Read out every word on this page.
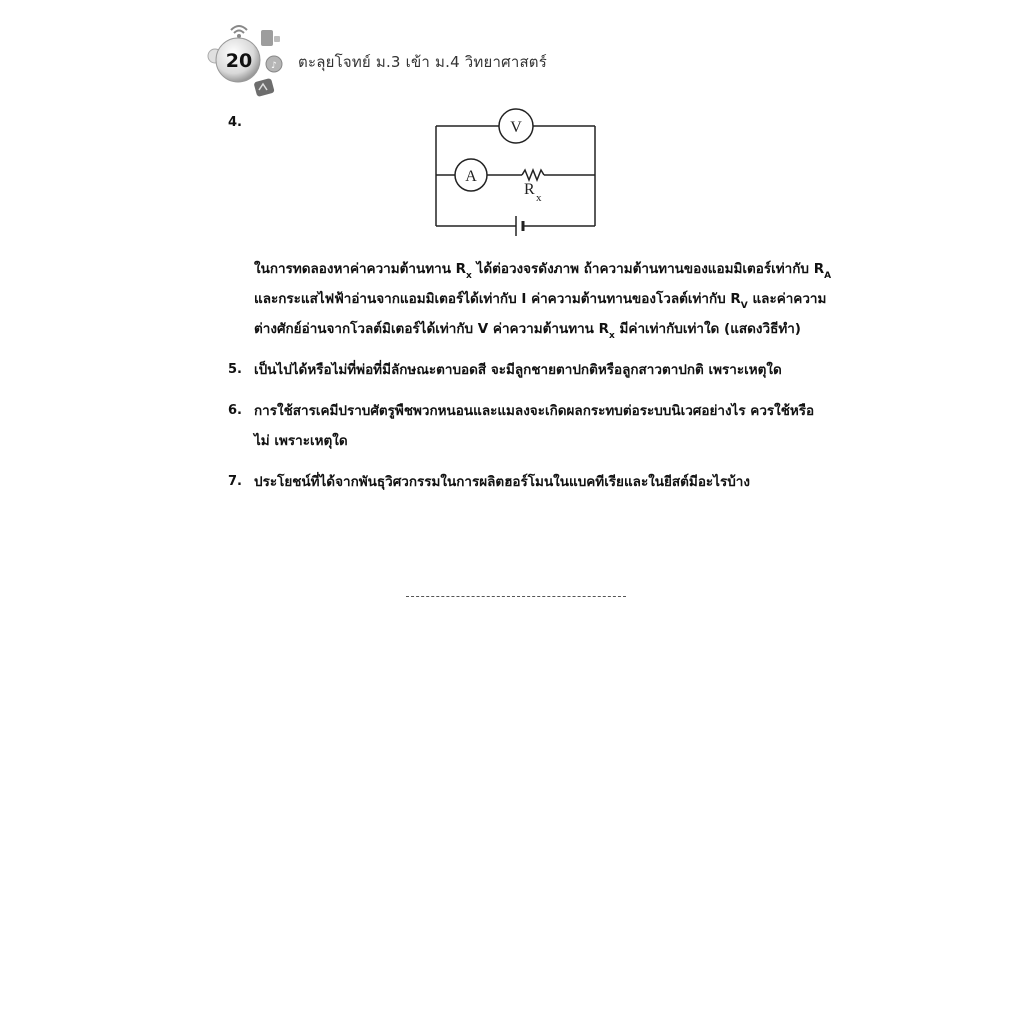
♪
20	ตะลุยโจทย์ ม.3 เข้า ม.4 วิทยาศาสตร์
4.	V
A
R x
ในการทดลองหาค่าความต้านทาน $R_x$ ได้ต่อวงจรดังภาพ ถ้าความต้านทานของแอมมิเตอร์เท่ากับ $R_A$
และกระแสไฟฟ้าอ่านจากแอมมิเตอร์ได้เท่ากับ I ค่าความต้านทานของโวลต์เท่ากับ $R_V$ และค่าความ
ต่างศักย์อ่านจากโวลต์มิเตอร์ได้เท่ากับ V ค่าความต้านทาน $R_x$ มีค่าเท่ากับเท่าใด (แสดงวิธีทำ)
5. เป็นไปได้หรือไม่ที่พ่อที่มีลักษณะตาบอดสี จะมีลูกชายตาปกติหรือลูกสาวตาปกติ เพราะเหตุใด
6. การใช้สารเคมีปราบศัตรูพืชพวกหนอนและแมลงจะเกิดผลกระทบต่อระบบนิเวศอย่างไร ควรใช้หรือ
ไม่ เพราะเหตุใด
7. ประโยชน์ที่ได้จากพันธุวิศวกรรมในการผลิตฮอร์โมนในแบคทีเรียและในยีสต์มีอะไรบ้าง
